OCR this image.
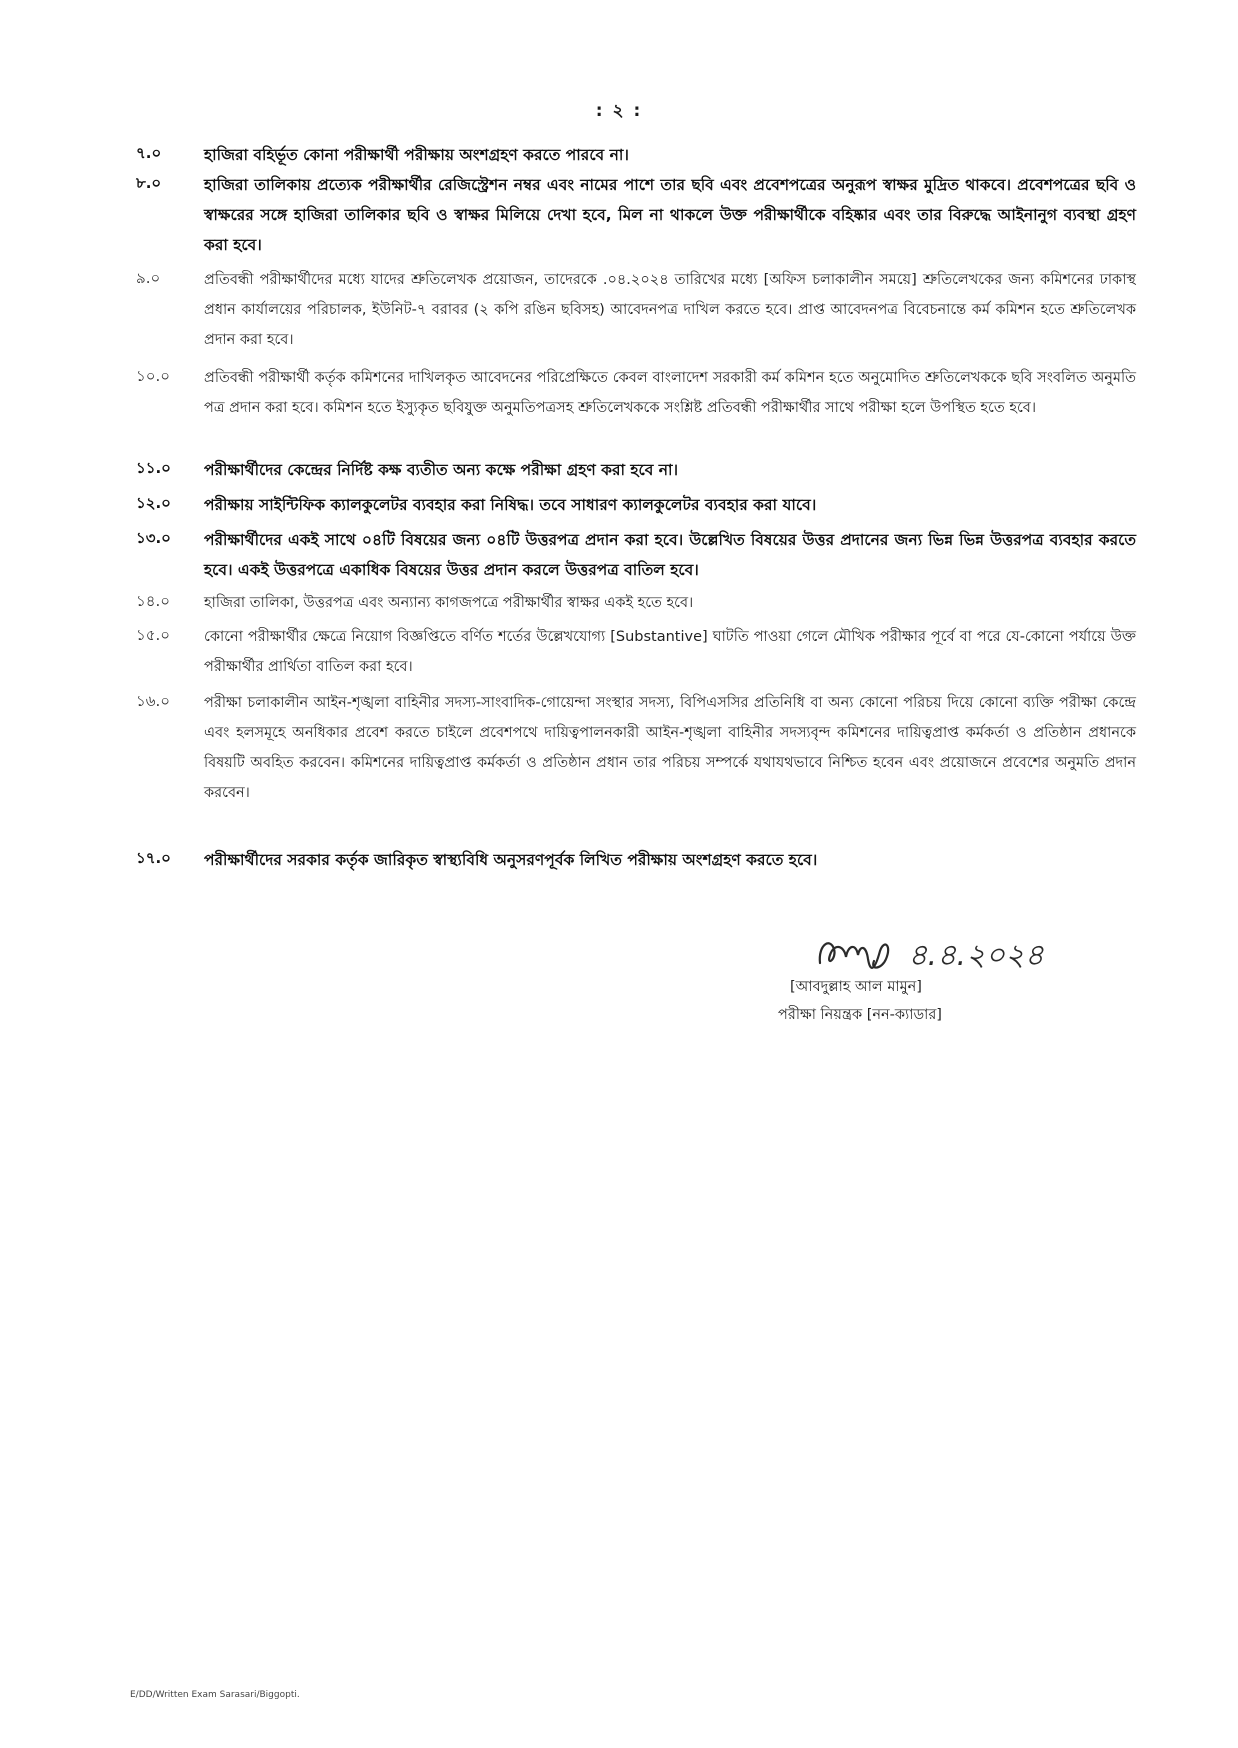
: ২ :
৭.০	হাজিরা বহির্ভূত কোনা পরীক্ষার্থী পরীক্ষায় অংশগ্রহণ করতে পারবে না।
৮.০	হাজিরা তালিকায় প্রত্যেক পরীক্ষার্থীর রেজিস্ট্রেশন নম্বর এবং নামের পাশে তার ছবি এবং প্রবেশপত্রের অনুরূপ স্বাক্ষর মুদ্রিত থাকবে। প্রবেশপত্রের ছবি ও স্বাক্ষরের সঙ্গে হাজিরা তালিকার ছবি ও স্বাক্ষর মিলিয়ে দেখা হবে, মিল না থাকলে উক্ত পরীক্ষার্থীকে বহিষ্কার এবং তার বিরুদ্ধে আইনানুগ ব্যবস্থা গ্রহণ করা হবে।
৯.০	প্রতিবন্ধী পরীক্ষার্থীদের মধ্যে যাদের শ্রুতিলেখক প্রয়োজন, তাদেরকে .০৪.২০২৪ তারিখের মধ্যে [অফিস চলাকালীন সময়ে] শ্রুতিলেখকের জন্য কমিশনের ঢাকাস্থ প্রধান কার্যালয়ের পরিচালক, ইউনিট-৭ বরাবর (২ কপি রঙিন ছবিসহ) আবেদনপত্র দাখিল করতে হবে। প্রাপ্ত আবেদনপত্র বিবেচনান্তে কর্ম কমিশন হতে শ্রুতিলেখক প্রদান করা হবে।
১০.০	প্রতিবন্ধী পরীক্ষার্থী কর্তৃক কমিশনের দাখিলকৃত আবেদনের পরিপ্রেক্ষিতে কেবল বাংলাদেশ সরকারী কর্ম কমিশন হতে অনুমোদিত শ্রুতিলেখককে ছবি সংবলিত অনুমতি পত্র প্রদান করা হবে। কমিশন হতে ইস্যুকৃত ছবিযুক্ত অনুমতিপত্রসহ শ্রুতিলেখককে সংশ্লিষ্ট প্রতিবন্ধী পরীক্ষার্থীর সাথে পরীক্ষা হলে উপস্থিত হতে হবে।
১১.০	পরীক্ষার্থীদের কেন্দ্রের নির্দিষ্ট কক্ষ ব্যতীত অন্য কক্ষে পরীক্ষা গ্রহণ করা হবে না।
১২.০	পরীক্ষায় সাইন্টিফিক ক্যালকুলেটর ব্যবহার করা নিষিদ্ধ। তবে সাধারণ ক্যালকুলেটর ব্যবহার করা যাবে।
১৩.০	পরীক্ষার্থীদের একই সাথে ০৪টি বিষয়ের জন্য ০৪টি উত্তরপত্র প্রদান করা হবে। উল্লেখিত বিষয়ের উত্তর প্রদানের জন্য ভিন্ন ভিন্ন উত্তরপত্র ব্যবহার করতে হবে। একই উত্তরপত্রে একাধিক বিষয়ের উত্তর প্রদান করলে উত্তরপত্র বাতিল হবে।
১৪.০	হাজিরা তালিকা, উত্তরপত্র এবং অন্যান্য কাগজপত্রে পরীক্ষার্থীর স্বাক্ষর একই হতে হবে।
১৫.০	কোনো পরীক্ষার্থীর ক্ষেত্রে নিয়োগ বিজ্ঞপ্তিতে বর্ণিত শর্তের উল্লেখযোগ্য [Substantive] ঘাটতি পাওয়া গেলে মৌখিক পরীক্ষার পূর্বে বা পরে যে-কোনো পর্যায়ে উক্ত পরীক্ষার্থীর প্রার্থিতা বাতিল করা হবে।
১৬.০	পরীক্ষা চলাকালীন আইন-শৃঙ্খলা বাহিনীর সদস্য-সাংবাদিক-গোয়েন্দা সংস্থার সদস্য, বিপিএসসির প্রতিনিধি বা অন্য কোনো পরিচয় দিয়ে কোনো ব্যক্তি পরীক্ষা কেন্দ্রে এবং হলসমূহে অনধিকার প্রবেশ করতে চাইলে প্রবেশপথে দায়িত্বপালনকারী আইন-শৃঙ্খলা বাহিনীর সদস্যবৃন্দ কমিশনের দায়িত্বপ্রাপ্ত কর্মকর্তা ও প্রতিষ্ঠান প্রধানকে বিষয়টি অবহিত করবেন। কমিশনের দায়িত্বপ্রাপ্ত কর্মকর্তা ও প্রতিষ্ঠান প্রধান তার পরিচয় সম্পর্কে যথাযথভাবে নিশ্চিত হবেন এবং প্রয়োজনে প্রবেশের অনুমতি প্রদান করবেন।
১৭.০	পরীক্ষার্থীদের সরকার কর্তৃক জারিকৃত স্বাস্থ্যবিধি অনুসরণপূর্বক লিখিত পরীক্ষায় অংশগ্রহণ করতে হবে।
৪.৪.২০২৪
[আবদুল্লাহ আল মামুন]
পরীক্ষা নিয়ন্ত্রক [নন-ক্যাডার]
E/DD/Written Exam Sarasari/Biggopti.
